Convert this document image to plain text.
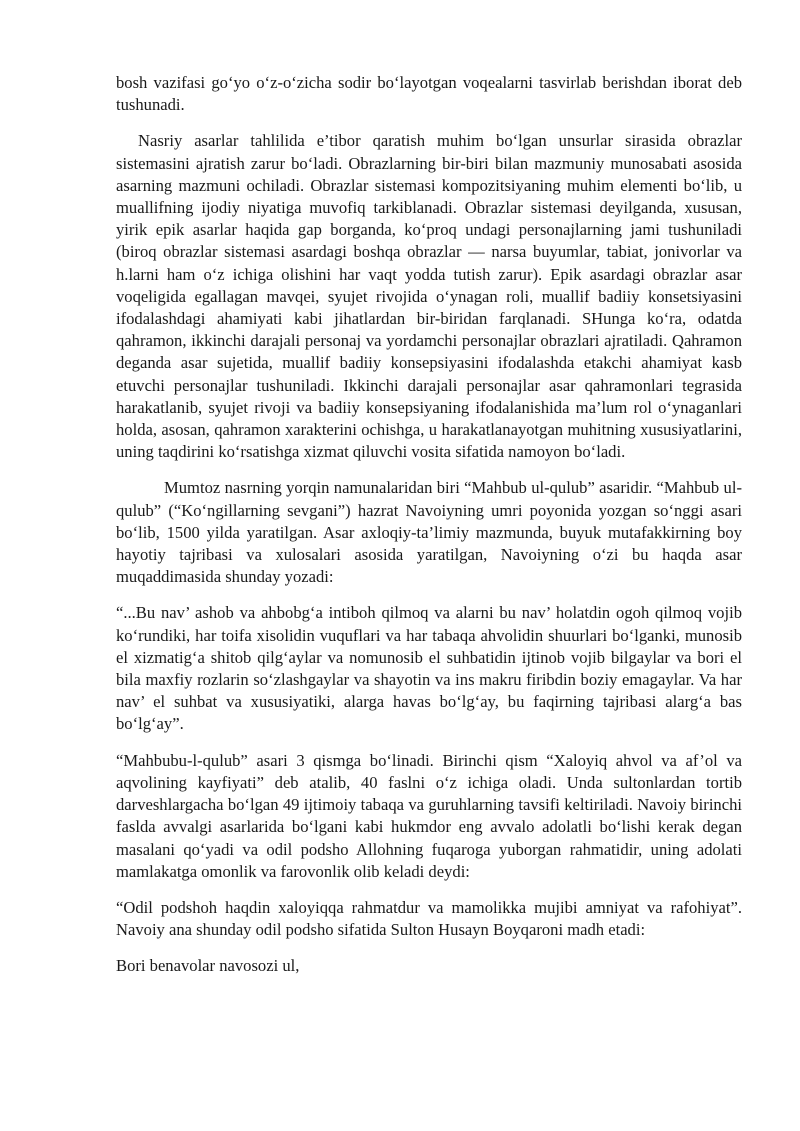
bosh vazifasi go‘yo o‘z-o‘zicha sodir bo‘layotgan voqealarni tasvirlab berishdan iborat deb tushunadi.

Nasriy asarlar tahlilida e’tibor qaratish muhim bo‘lgan unsurlar sirasida obrazlar sistemasini ajratish zarur bo‘ladi. Obrazlarning bir-biri bilan mazmuniy munosabati asosida asarning mazmuni ochiladi. Obrazlar sistemasi kompozitsiyaning muhim elementi bo‘lib, u muallifning ijodiy niyatiga muvofiq tarkiblanadi. Obrazlar sistemasi deyilganda, xususan, yirik epik asarlar haqida gap borganda, ko‘proq undagi personajlarning jami tushuniladi (biroq obrazlar sistemasi asardagi boshqa obrazlar — narsa buyumlar, tabiat, jonivorlar va h.larni ham o‘z ichiga olishini har vaqt yodda tutish zarur). Epik asardagi obrazlar asar voqeligida egallagan mavqei, syujet rivojida o‘ynagan roli, muallif badiiy konsetsiyasini ifodalashdagi ahamiyati kabi jihatlardan bir-biridan farqlanadi. SHunga ko‘ra, odatda qahramon, ikkinchi darajali personaj va yordamchi personajlar obrazlari ajratiladi. Qahramon deganda asar sujetida, muallif badiiy konsepsiyasini ifodalashda etakchi ahamiyat kasb etuvchi personajlar tushuniladi. Ikkinchi darajali personajlar asar qahramonlari tegrasida harakatlanib, syujet rivoji va badiiy konsepsiyaning ifodalanishida ma’lum rol o‘ynaganlari holda, asosan, qahramon xarakterini ochishga, u harakatlanayotgan muhitning xususiyatlarini, uning taqdirini ko‘rsatishga xizmat qiluvchi vosita sifatida namoyon bo‘ladi.

Mumtoz nasrning yorqin namunalaridan biri “Mahbub ul-qulub” asaridir. “Mahbub ul-qulub” (“Ko‘ngillarning sevgani”) hazrat Navoiyning umri poyonida yozgan so‘nggi asari bo‘lib, 1500 yilda yaratilgan. Asar axloqiy-ta’limiy mazmunda, buyuk mutafakkirning boy hayotiy tajribasi va xulosalari asosida yaratilgan, Navoiyning o‘zi bu haqda asar muqaddimasida shunday yozadi:

“...Bu nav’ ashob va ahbobg‘a intiboh qilmoq va alarni bu nav’ holatdin ogoh qilmoq vojib ko‘rundiki, har toifa xisolidin vuquflari va har tabaqa ahvolidin shuurlari bo‘lganki, munosib el xizmatig‘a shitob qilg‘aylar va nomunosib el suhbatidin ijtinob vojib bilgaylar va bori el bila maxfiy rozlarin so‘zlashgaylar va shayotin va ins makru firibdin boziy emagaylar. Va har nav’ el suhbat va xususiyatiki, alarga havas bo‘lg‘ay, bu faqirning tajribasi alarg‘a bas bo‘lg‘ay”.

“Mahbubu-l-qulub” asari 3 qismga bo‘linadi. Birinchi qism “Xaloyiq ahvol va af’ol va aqvolining kayfiyati” deb atalib, 40 faslni o‘z ichiga oladi. Unda sultonlardan tortib darveshlargacha bo‘lgan 49 ijtimoiy tabaqa va guruhlarning tavsifi keltiriladi. Navoiy birinchi faslda avvalgi asarlarida bo‘lgani kabi hukmdor eng avvalo adolatli bo‘lishi kerak degan masalani qo‘yadi va odil podsho Allohning fuqaroga yuborgan rahmatidir, uning adolati mamlakatga omonlik va farovonlik olib keladi deydi:

“Odil podshoh haqdin xaloyiqqa rahmatdur va mamolikka mujibi amniyat va rafohiyat”. Navoiy ana shunday odil podsho sifatida Sulton Husayn Boyqaroni madh etadi:

Bori benavolar navosozi ul,
